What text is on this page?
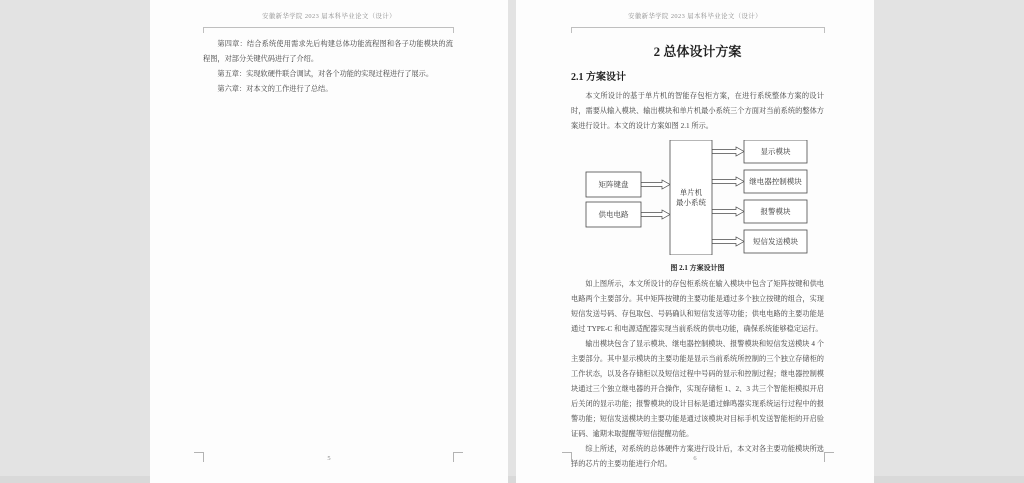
安徽新华学院 2023 届本科毕业论文（设计）

第四章：结合系统使用需求先后构建总体功能流程图和各子功能模块的流程图，对部分关键代码进行了介绍。

第五章：实现软硬件联合调试，对各个功能的实现过程进行了展示。

第六章：对本文的工作进行了总结。

5
安徽新华学院 2023 届本科毕业论文（设计）

2 总体设计方案

2.1 方案设计

本文所设计的基于单片机的智能存包柜方案，在进行系统整体方案的设计时，需要从输入模块、输出模块和单片机最小系统三个方面对当前系统的整体方案进行设计。本文的设计方案如图 2.1 所示。

矩阵键盘
供电电路
单片机最小系统
显示模块
继电器控制模块
报警模块
短信发送模块

图 2.1 方案设计图

如上图所示，本文所设计的存包柜系统在输入模块中包含了矩阵按键和供电电路两个主要部分。其中矩阵按键的主要功能是通过多个独立按键的组合，实现短信发送号码、存包取包、号码确认和短信发送等功能；供电电路的主要功能是通过 TYPE-C 和电源适配器实现当前系统的供电功能，确保系统能够稳定运行。

输出模块包含了显示模块、继电器控制模块、报警模块和短信发送模块 4 个主要部分。其中显示模块的主要功能是显示当前系统所控制的三个独立存储柜的工作状态，以及各存储柜以及短信过程中号码的显示和控制过程；继电器控制模块通过三个独立继电器的开合操作，实现存储柜 1、2、3 共三个智能柜模拟开启后关闭的显示功能；报警模块的设计目标是通过蜂鸣器实现系统运行过程中的报警功能；短信发送模块的主要功能是通过该模块对目标手机发送智能柜的开启验证码、逾期未取提醒等短信提醒功能。

综上所述，对系统的总体硬件方案进行设计后，本文对各主要功能模块所选择的芯片的主要功能进行介绍。

6
